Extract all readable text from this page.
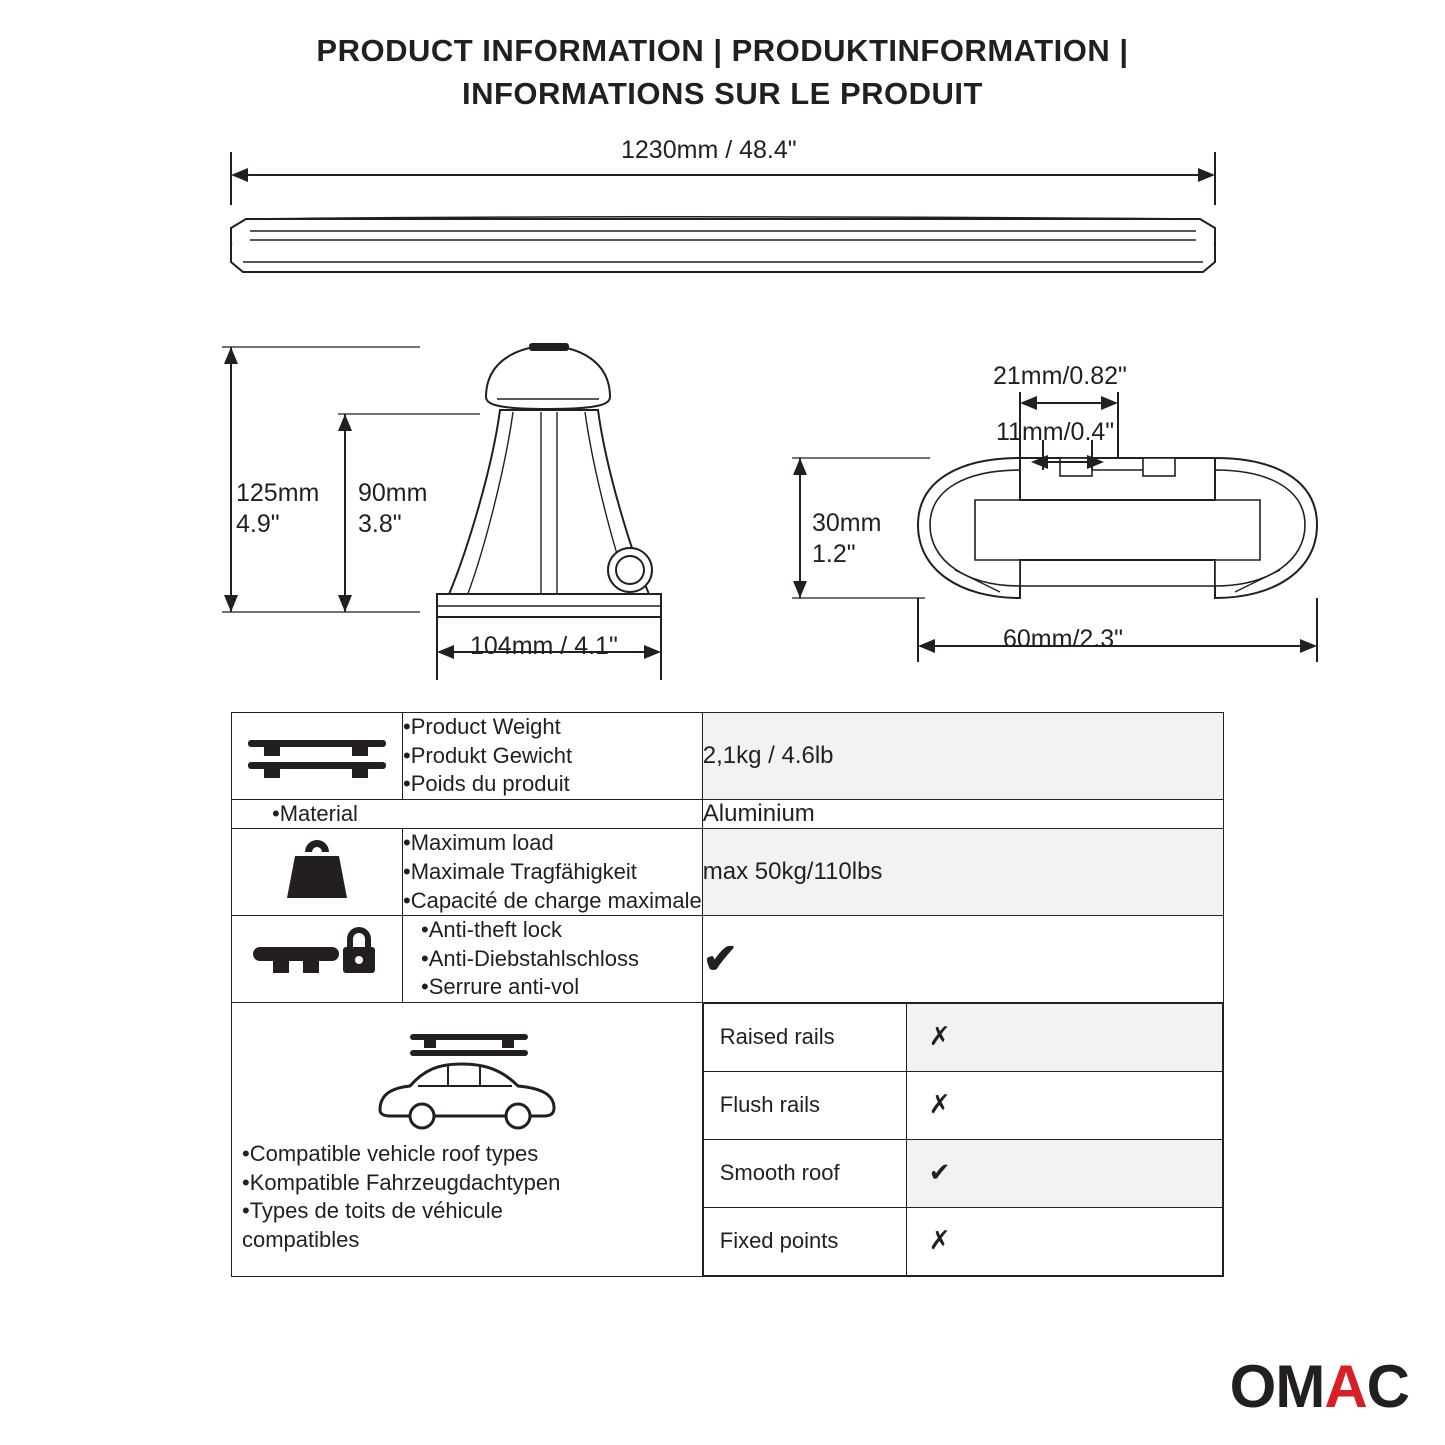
PRODUCT INFORMATION | PRODUKTINFORMATION |
INFORMATIONS SUR LE PRODUIT
1230mm / 48.4"
125mm
4.9"
90mm
3.8"
104mm / 4.1"
21mm/0.82"
11mm/0.4"
30mm
1.2"
60mm/2.3"

•Product Weight
•Produkt Gewicht
•Poids du produit
	2,1kg / 4.6lb

•Material	Aluminium

•Maximum load
•Maximale Tragfähigkeit
•Capacité de charge maximale
	max 50kg/110lbs

•Anti-theft lock
•Anti-Diebstahlschloss
•Serrure anti-vol
	✔

•Compatible vehicle roof types
•Kompatible Fahrzeugdachtypen
•Types de toits de véhicule
compatibles

Raised rails	✗
Flush rails	✗
Smooth roof	✔
Fixed points	✗
O M A C
